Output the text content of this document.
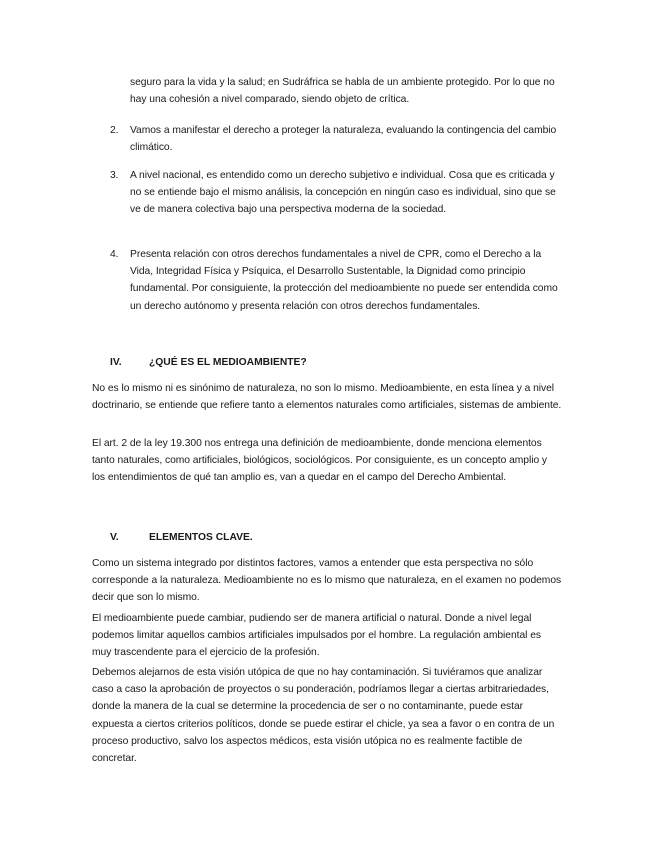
seguro para la vida y la salud; en Sudráfrica se habla de un ambiente protegido. Por lo que no hay una cohesión a nivel comparado, siendo objeto de crítica.
2.	Vamos a manifestar el derecho a proteger la naturaleza, evaluando la contingencia del cambio climático.
3.	A nivel nacional, es entendido como un derecho subjetivo e individual. Cosa que es criticada y no se entiende bajo el mismo análisis, la concepción en ningún caso es individual, sino que se ve de manera colectiva bajo una perspectiva moderna de la sociedad.
4.	Presenta relación con otros derechos fundamentales a nivel de CPR, como el Derecho a la Vida, Integridad Física y Psíquica, el Desarrollo Sustentable, la Dignidad como principio fundamental. Por consiguiente, la protección del medioambiente no puede ser entendida como un derecho autónomo y presenta relación con otros derechos fundamentales.
IV.	¿QUÉ ES EL MEDIOAMBIENTE?
No es lo mismo ni es sinónimo de naturaleza, no son lo mismo. Medioambiente, en esta línea y a nivel doctrinario, se entiende que refiere tanto a elementos naturales como artificiales, sistemas de ambiente.
El art. 2 de la ley 19.300 nos entrega una definición de medioambiente, donde menciona elementos tanto naturales, como artificiales, biológicos, sociológicos. Por consiguiente, es un concepto amplio y los entendimientos de qué tan amplio es, van a quedar en el campo del Derecho Ambiental.
V.	ELEMENTOS CLAVE.
Como un sistema integrado por distintos factores, vamos a entender que esta perspectiva no sólo corresponde a la naturaleza. Medioambiente no es lo mismo que naturaleza, en el examen no podemos decir que son lo mismo.
El medioambiente puede cambiar, pudiendo ser de manera artificial o natural. Donde a nivel legal podemos limitar aquellos cambios artificiales impulsados por el hombre. La regulación ambiental es muy trascendente para el ejercicio de la profesión.
Debemos alejarnos de esta visión utópica de que no hay contaminación. Si tuviéramos que analizar caso a caso la aprobación de proyectos o su ponderación, podríamos llegar a ciertas arbitrariedades, donde la manera de la cual se determine la procedencia de ser o no contaminante, puede estar expuesta a ciertos criterios políticos, donde se puede estirar el chicle, ya sea a favor o en contra de un proceso productivo, salvo los aspectos médicos, esta visión utópica no es realmente factible de concretar.
